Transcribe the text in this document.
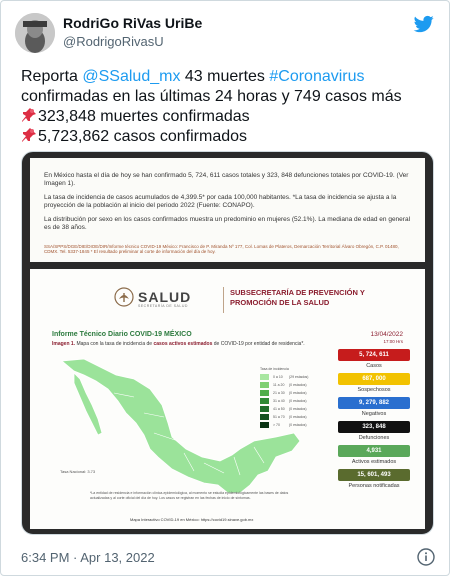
RodriGo RiVas UriBe
@RodrigoRivasU
Reporta @SSalud_mx 43 muertes #Coronavirus
confirmadas en las últimas 24 horas y 749 casos más
323,848 muertes confirmadas
5,723,862 casos confirmados

En México hasta el día de hoy se han confirmado 5, 724, 611 casos totales y 323, 848 defunciones totales por COVID-19. (Ver Imagen 1).

La tasa de incidencia de casos acumulados de 4,399.5* por cada 100,000 habitantes. *La tasa de incidencia se ajusta a la proyección de la población al inicio del periodo 2022 (Fuente: CONAPO).

La distribución por sexo en los casos confirmados muestra un predominio en mujeres (52.1%). La mediana de edad en general es de 38 años.

SSA/SPPS/DGE/DIE/DIOE/DIR/Informe técnico COVID-19 México: Francisco de P. Miranda Nº 177, Col. Lomas de Plateros, Demarcación Territorial Álvaro Obregón, C.P. 01480, CDMX. Tel. 5337-1845 * El resultado preliminar al corte de información del día de hoy.

SALUD
SECRETARÍA DE SALUD
SUBSECRETARÍA DE PREVENCIÓN Y
PROMOCIÓN DE LA SALUD
Informe Técnico Diario COVID-19 MÉXICO	13/04/2022
17:00 Hrs
Imagen 1. Mapa con la tasa de incidencia de casos activos estimados de COVID-19 por entidad de residencia*.
Tasa de incidencia
0 a 10	(29 estados)
11 a 20	(0 estados)
21 a 30	(0 estados)
31 a 40	(0 estados)
41 a 50	(0 estados)
51 a 70	(0 estados)
> 70	(0 estados)
Tasa Nacional: 3.73
*La entidad de residencia e información clínica-epidemiológica, al momento se estudia epidemiológicamente las bases de datos actualizadas y al corte oficial del día de hoy. Los casos se registran en las fechas de inicio de síntomas.
5, 724, 611
Casos
687, 000
Sospechosos
9, 279, 882
Negativos
323, 848
Defunciones
4,931
Activos estimados
15, 601, 493
Personas notificadas
Mapa Interactivo COVID-19 en México: https://covid19.sinave.gob.mx
6:34 PM · Apr 13, 2022
